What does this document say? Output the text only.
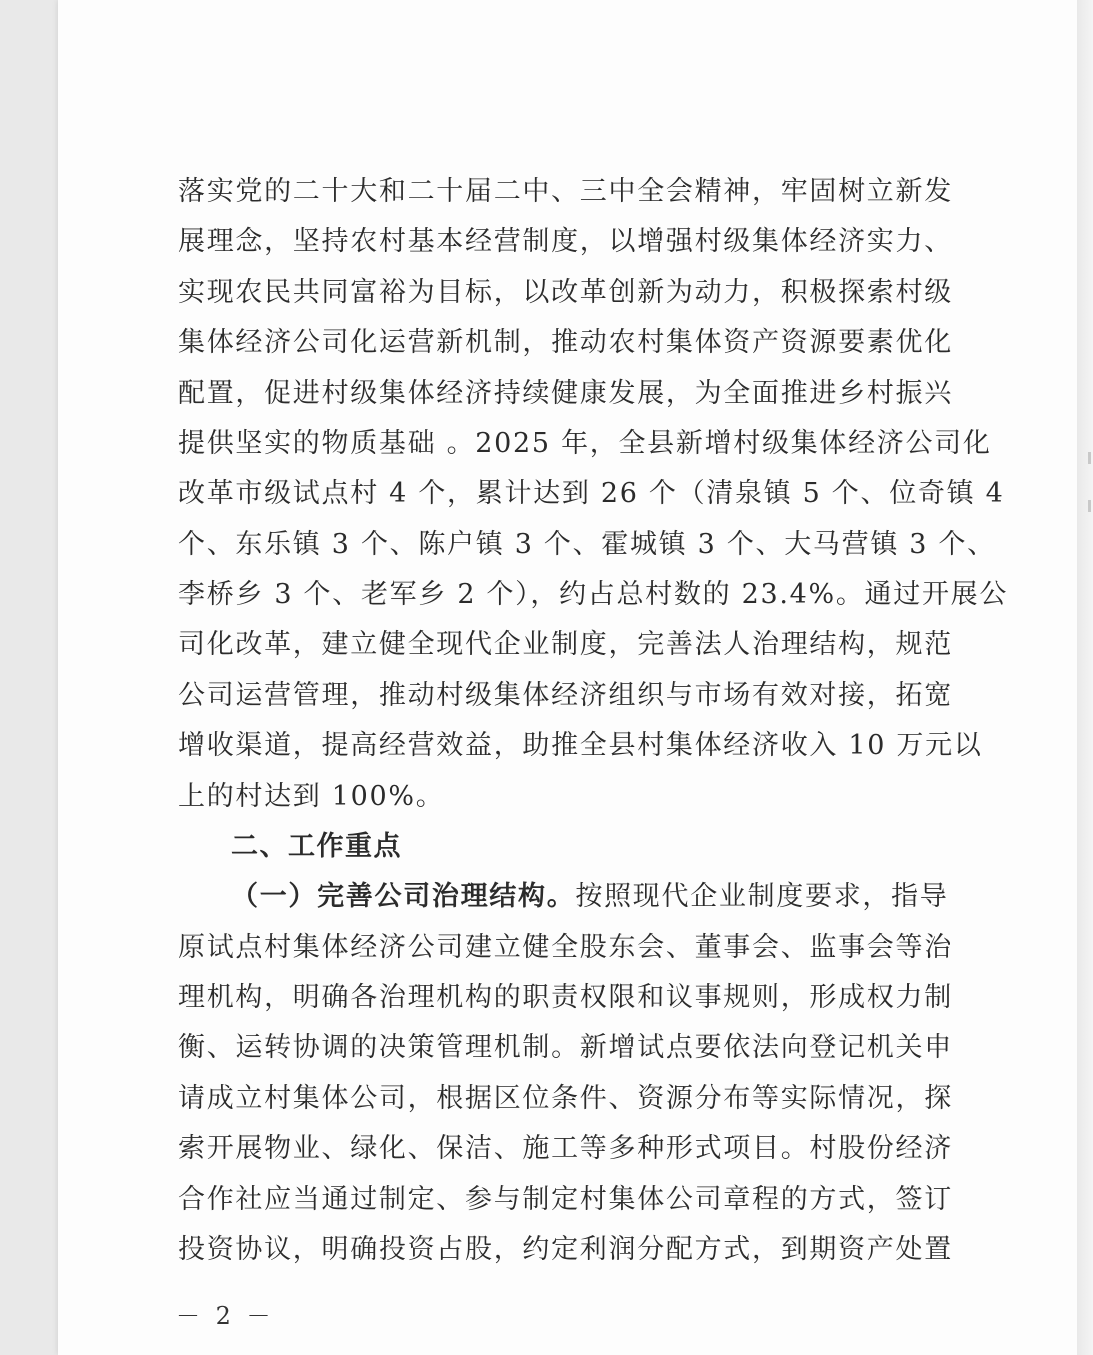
落实党的二十大和二十届二中、三中全会精神，牢固树立新发
展理念，坚持农村基本经营制度，以增强村级集体经济实力、
实现农民共同富裕为目标，以改革创新为动力，积极探索村级
集体经济公司化运营新机制，推动农村集体资产资源要素优化
配置，促进村级集体经济持续健康发展，为全面推进乡村振兴
提供坚实的物质基础 。2025 年，全县新增村级集体经济公司化
改革市级试点村 4 个，累计达到 26 个（清泉镇 5 个、位奇镇 4
个、东乐镇 3 个、陈户镇 3 个、霍城镇 3 个、大马营镇 3 个、
李桥乡 3 个、老军乡 2 个），约占总村数的 23.4%。通过开展公
司化改革，建立健全现代企业制度，完善法人治理结构，规范
公司运营管理，推动村级集体经济组织与市场有效对接，拓宽
增收渠道，提高经营效益，助推全县村集体经济收入 10 万元以
上的村达到 100%。
二、工作重点
（一）完善公司治理结构。按照现代企业制度要求，指导
原试点村集体经济公司建立健全股东会、董事会、监事会等治
理机构，明确各治理机构的职责权限和议事规则，形成权力制
衡、运转协调的决策管理机制。新增试点要依法向登记机关申
请成立村集体公司，根据区位条件、资源分布等实际情况，探
索开展物业、绿化、保洁、施工等多种形式项目。村股份经济
合作社应当通过制定、参与制定村集体公司章程的方式，签订
投资协议，明确投资占股，约定利润分配方式，到期资产处置
－ 2 －
